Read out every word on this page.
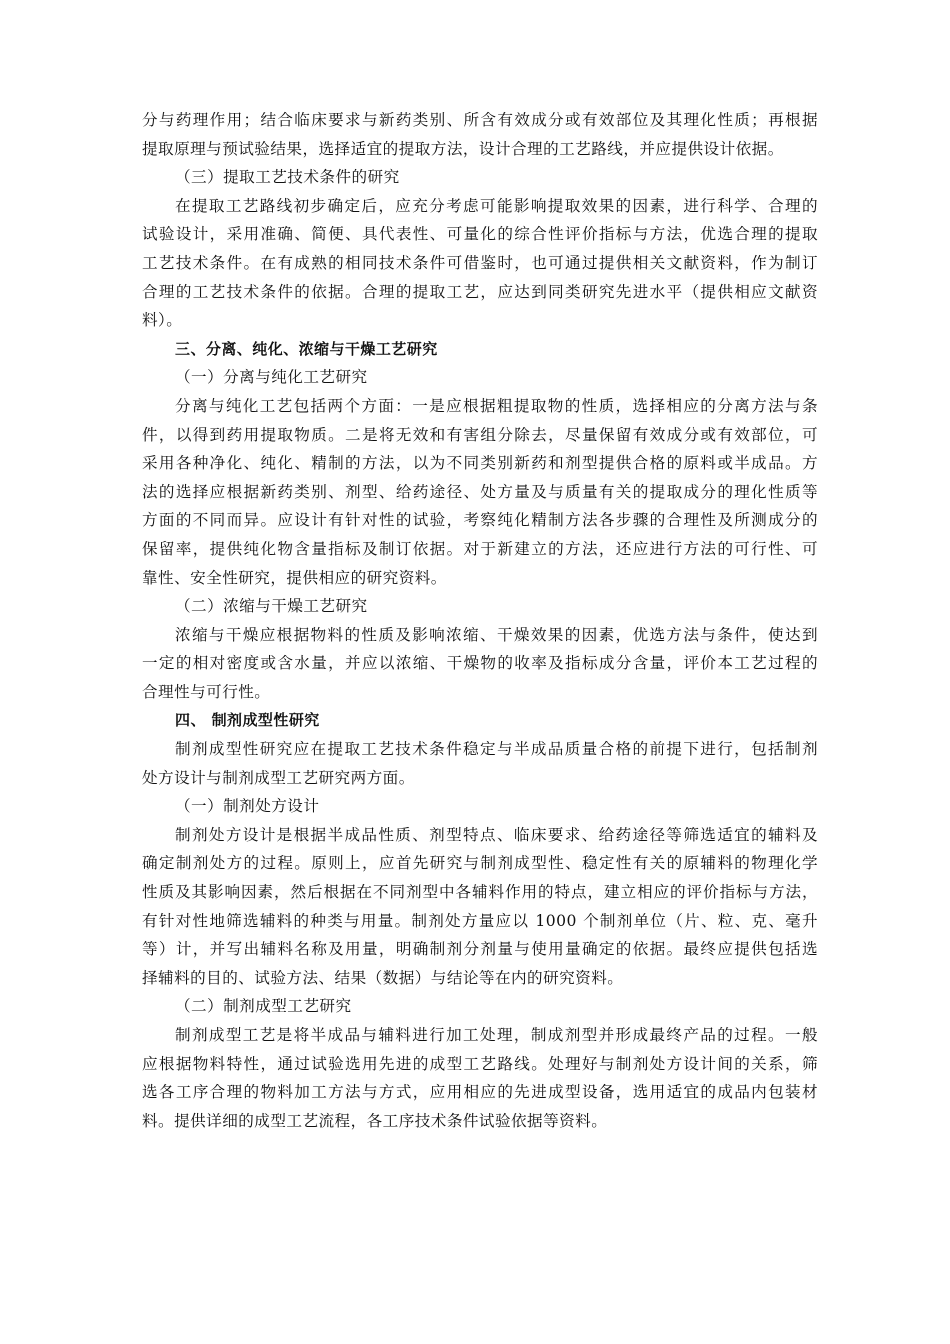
分与药理作用；结合临床要求与新药类别、所含有效成分或有效部位及其理化性质；再根据
提取原理与预试验结果，选择适宜的提取方法，设计合理的工艺路线，并应提供设计依据。
（三）提取工艺技术条件的研究
在提取工艺路线初步确定后，应充分考虑可能影响提取效果的因素，进行科学、合理的
试验设计，采用准确、简便、具代表性、可量化的综合性评价指标与方法，优选合理的提取
工艺技术条件。在有成熟的相同技术条件可借鉴时，也可通过提供相关文献资料，作为制订
合理的工艺技术条件的依据。合理的提取工艺，应达到同类研究先进水平（提供相应文献资
料）。
三、分离、纯化、浓缩与干燥工艺研究
（一）分离与纯化工艺研究
分离与纯化工艺包括两个方面：一是应根据粗提取物的性质，选择相应的分离方法与条
件，以得到药用提取物质。二是将无效和有害组分除去，尽量保留有效成分或有效部位，可
采用各种净化、纯化、精制的方法，以为不同类别新药和剂型提供合格的原料或半成品。方
法的选择应根据新药类别、剂型、给药途径、处方量及与质量有关的提取成分的理化性质等
方面的不同而异。应设计有针对性的试验，考察纯化精制方法各步骤的合理性及所测成分的
保留率，提供纯化物含量指标及制订依据。对于新建立的方法，还应进行方法的可行性、可
靠性、安全性研究，提供相应的研究资料。
（二）浓缩与干燥工艺研究
浓缩与干燥应根据物料的性质及影响浓缩、干燥效果的因素，优选方法与条件，使达到
一定的相对密度或含水量，并应以浓缩、干燥物的收率及指标成分含量，评价本工艺过程的
合理性与可行性。
四、 制剂成型性研究
制剂成型性研究应在提取工艺技术条件稳定与半成品质量合格的前提下进行，包括制剂
处方设计与制剂成型工艺研究两方面。
（一）制剂处方设计
制剂处方设计是根据半成品性质、剂型特点、临床要求、给药途径等筛选适宜的辅料及
确定制剂处方的过程。原则上，应首先研究与制剂成型性、稳定性有关的原辅料的物理化学
性质及其影响因素，然后根据在不同剂型中各辅料作用的特点，建立相应的评价指标与方法，
有针对性地筛选辅料的种类与用量。制剂处方量应以 1000 个制剂单位（片、粒、克、毫升
等）计，并写出辅料名称及用量，明确制剂分剂量与使用量确定的依据。最终应提供包括选
择辅料的目的、试验方法、结果（数据）与结论等在内的研究资料。
（二）制剂成型工艺研究
制剂成型工艺是将半成品与辅料进行加工处理，制成剂型并形成最终产品的过程。一般
应根据物料特性，通过试验选用先进的成型工艺路线。处理好与制剂处方设计间的关系，筛
选各工序合理的物料加工方法与方式，应用相应的先进成型设备，选用适宜的成品内包装材
料。提供详细的成型工艺流程，各工序技术条件试验依据等资料。
